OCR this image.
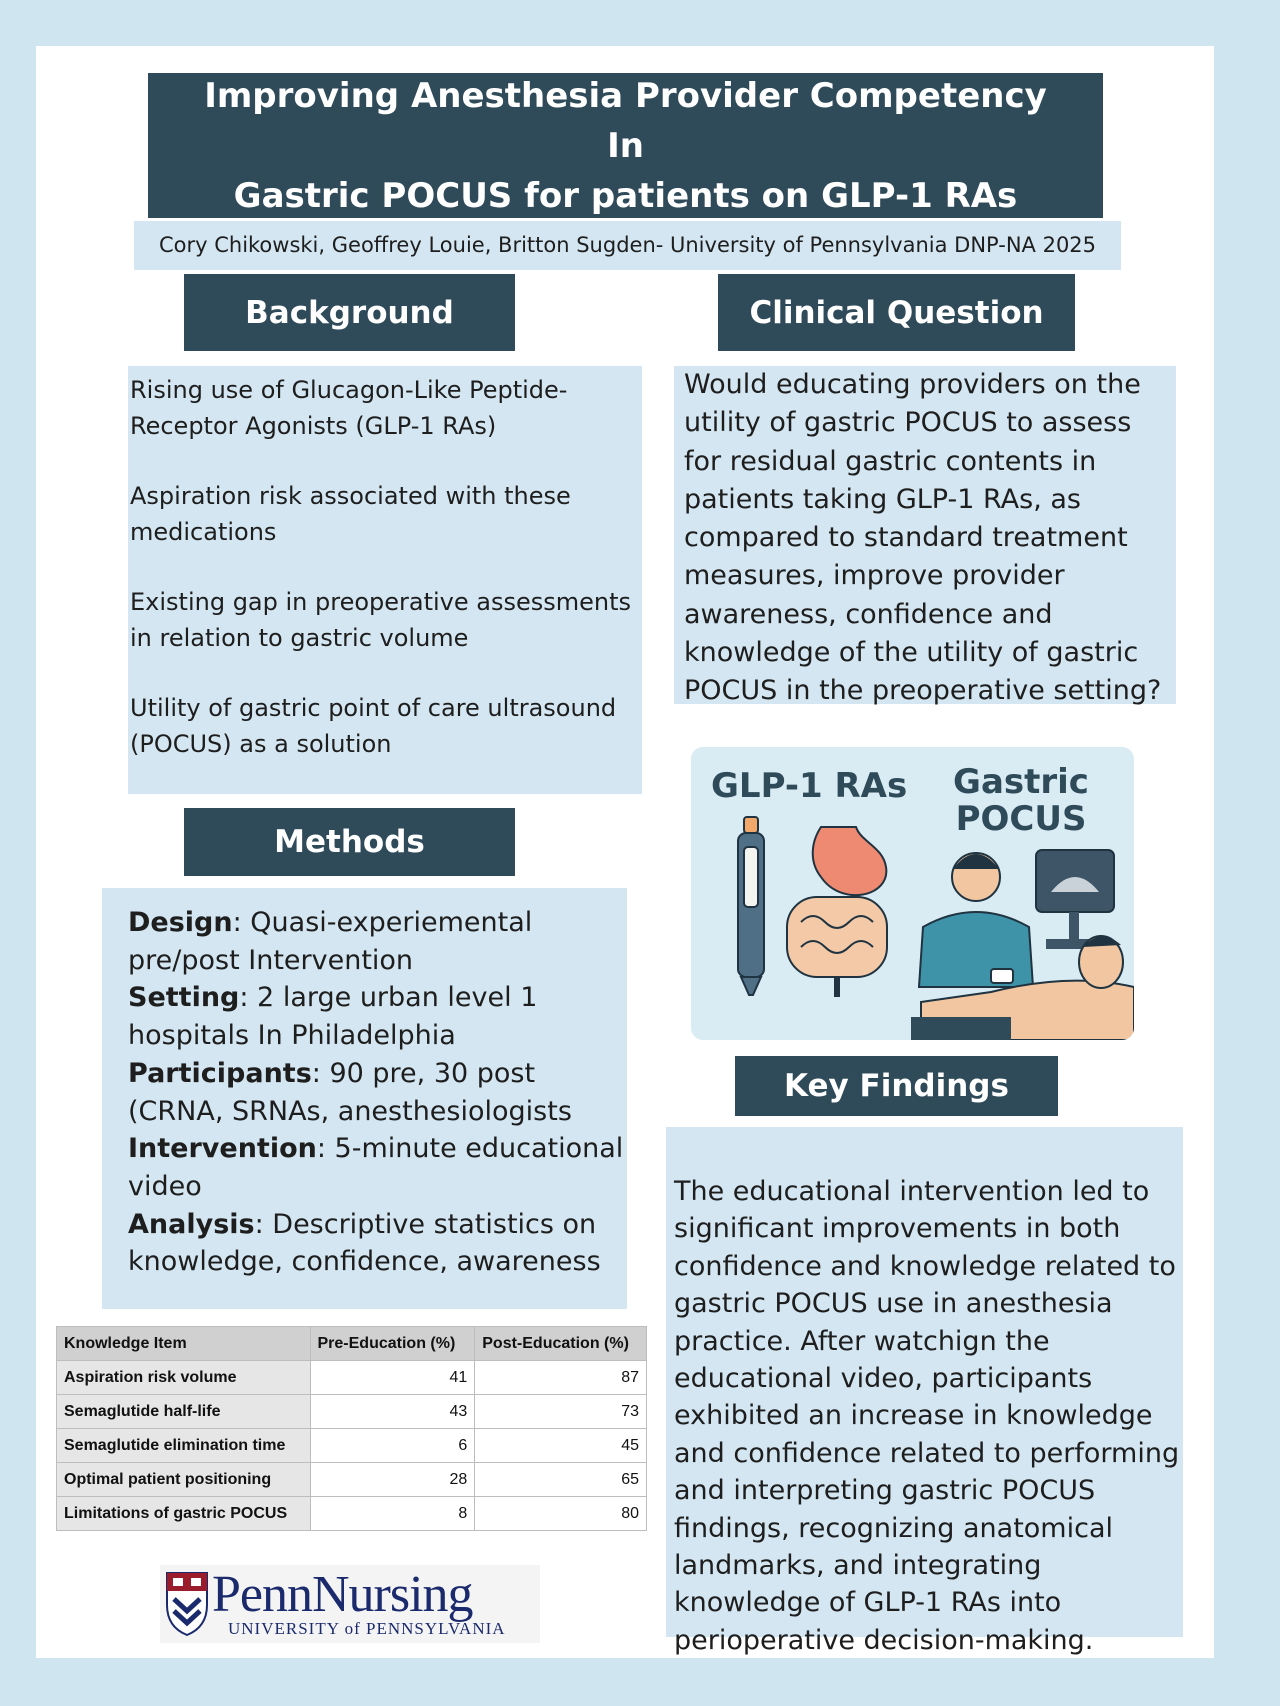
Improving Anesthesia Provider Competency In
Gastric POCUS for patients on GLP-1 RAs
Cory Chikowski, Geoffrey Louie, Britton Sugden- University of Pennsylvania DNP-NA 2025
Background

Rising use of Glucagon-Like Peptide-Receptor Agonists (GLP-1 RAs)

Aspiration risk associated with these medications

Existing gap in preoperative assessments in relation to gastric volume

Utility of gastric point of care ultrasound (POCUS) as a solution

Clinical Question

Would educating providers on the utility of gastric POCUS to assess for residual gastric contents in patients taking GLP-1 RAs, as compared to standard treatment measures, improve provider awareness, confidence and knowledge of the utility of gastric POCUS in the preoperative setting?

GLP-1 RAs Gastric
POCUS
Methods
Design: Quasi-experiemental pre/post Intervention
Setting: 2 large urban level 1 hospitals In Philadelphia
Participants: 90 pre, 30 post (CRNA, SRNAs, anesthesiologists
Intervention: 5-minute educational video
Analysis: Descriptive statistics on knowledge, confidence, awareness
Knowledge Item	Pre-Education (%)	Post-Education (%)
Aspiration risk volume	41	87
Semaglutide half-life	43	73
Semaglutide elimination time	6	45
Optimal patient positioning	28	65
Limitations of gastric POCUS	8	80
Key Findings

The educational intervention led to significant improvements in both confidence and knowledge related to gastric POCUS use in anesthesia practice. After watchign the educational video, participants exhibited an increase in knowledge and confidence related to performing and interpreting gastric POCUS findings, recognizing anatomical landmarks, and integrating knowledge of GLP-1 RAs into perioperative decision-making.

PennNursing
UNIVERSITY of PENNSYLVANIA
